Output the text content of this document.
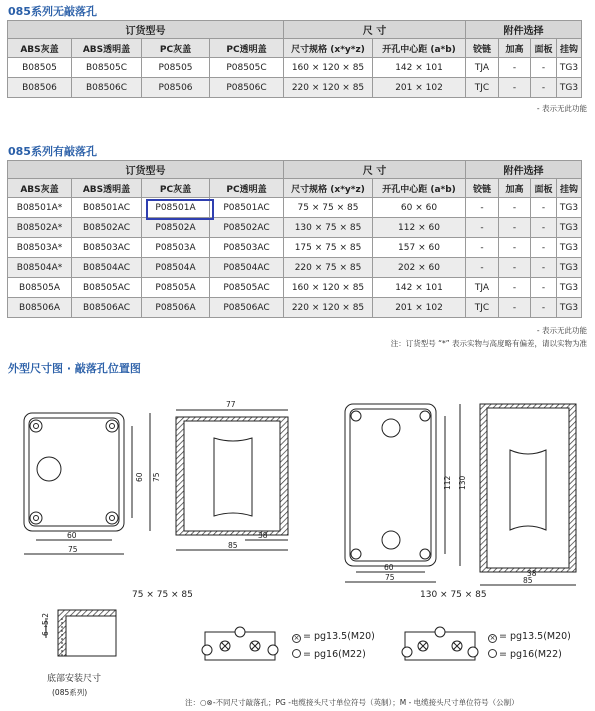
085系列无敲落孔
订货型号				尺 寸		附件选择			
ABS灰盖	ABS透明盖	PC灰盖	PC透明盖	尺寸规格 (x*y*z)	开孔中心距 (a*b)	铰链	加高	面板	挂钩
B08505	B08505C	P08505	P08505C	160 × 120 × 85	142 × 101	TJA	-	-	TG3
B08506	B08506C	P08506	P08506C	220 × 120 × 85	201 × 102	TJC	-	-	TG3
- 表示无此功能
085系列有敲落孔
订货型号				尺 寸		附件选择			
ABS灰盖	ABS透明盖	PC灰盖	PC透明盖	尺寸规格 (x*y*z)	开孔中心距 (a*b)	铰链	加高	面板	挂钩
B08501A*	B08501AC	P08501A	P08501AC	75 × 75 × 85	60 × 60	-	-	-	TG3
B08502A*	B08502AC	P08502A	P08502AC	130 × 75 × 85	112 × 60	-	-	-	TG3
B08503A*	B08503AC	P08503A	P08503AC	175 × 75 × 85	157 × 60	-	-	-	TG3
B08504A*	B08504AC	P08504A	P08504AC	220 × 75 × 85	202 × 60	-	-	-	TG3
B08505A	B08505AC	P08505A	P08505AC	160 × 120 × 85	142 × 101	TJA	-	-	TG3
B08506A	B08506AC	P08506A	P08506AC	220 × 120 × 85	201 × 102	TJC	-	-	TG3
- 表示无此功能
注：订货型号 “*” 表示实物与高度略有偏差，请以实物为准
外型尺寸图 · 敲落孔位置图
77
60
75	85
38
60
75	85
38
60 75	112 130
6→5.2
75 × 75 × 85	130 × 75 × 85
底部安装尺寸
(085系列)
× = pg13.5(M20)
= pg16(M22)
× = pg13.5(M20)
= pg16(M22)
注：○⊗-不同尺寸敲落孔；PG -电缆接头尺寸单位符号（英制）；M - 电缆接头尺寸单位符号（公制）
